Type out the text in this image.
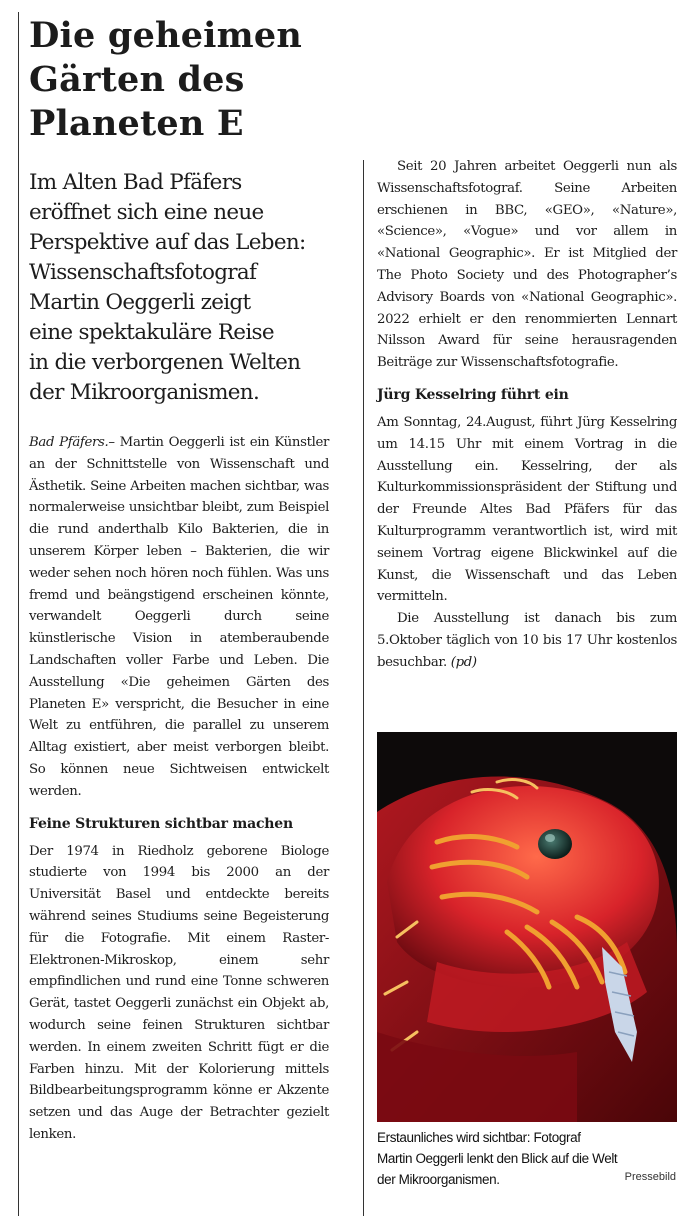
Die geheimen
Gärten des
Planeten E

Im Alten Bad Pfäfers
eröffnet sich eine neue
Perspektive auf das Leben:
Wissenschaftsfotograf
Martin Oeggerli zeigt
eine spektakuläre Reise
in die verborgenen Welten
der Mikroorganismen.

Bad Pfäfers.– Martin Oeggerli ist ein Künstler an der Schnittstelle von Wissenschaft und Ästhetik. Seine Arbeiten machen sichtbar, was normalerweise unsichtbar bleibt, zum Beispiel die rund anderthalb Kilo Bakterien, die in unserem Körper leben – Bakterien, die wir weder sehen noch hören noch fühlen. Was uns fremd und beängstigend erscheinen könnte, verwandelt Oeggerli durch seine künstlerische Vision in atemberaubende Landschaften voller Farbe und Leben. Die Ausstellung «Die geheimen Gärten des Planeten E» verspricht, die Besucher in eine Welt zu entführen, die parallel zu unserem Alltag existiert, aber meist verborgen bleibt. So können neue Sichtweisen entwickelt werden.

Feine Strukturen sichtbar machen

Der 1974 in Riedholz geborene Biologe studierte von 1994 bis 2000 an der Universität Basel und entdeckte bereits während seines Studiums seine Begeisterung für die Fotografie. Mit einem Raster-Elektronen-Mikroskop, einem sehr empfindlichen und rund eine Tonne schweren Gerät, tastet Oeggerli zunächst ein Objekt ab, wodurch seine feinen Strukturen sichtbar werden. In einem zweiten Schritt fügt er die Farben hinzu. Mit der Kolorierung mittels Bildbearbeitungsprogramm könne er Akzente setzen und das Auge der Betrachter gezielt lenken.

Seit 20 Jahren arbeitet Oeggerli nun als Wissenschaftsfotograf. Seine Arbeiten erschienen in BBC, «GEO», «Nature», «Science», «Vogue» und vor allem in «National Geographic». Er ist Mitglied der The Photo Society und des Photographer’s Advisory Boards von «National Geographic». 2022 erhielt er den renommierten Lennart Nilsson Award für seine herausragenden Beiträge zur Wissenschaftsfotografie.

Jürg Kesselring führt ein

Am Sonntag, 24.August, führt Jürg Kesselring um 14.15 Uhr mit einem Vortrag in die Ausstellung ein. Kesselring, der als Kulturkommissionspräsident der Stiftung und der Freunde Altes Bad Pfäfers für das Kulturprogramm verantwortlich ist, wird mit seinem Vortrag eigene Blickwinkel auf die Kunst, die Wissenschaft und das Leben vermitteln.

Die Ausstellung ist danach bis zum 5.Oktober täglich von 10 bis 17 Uhr kostenlos besuchbar. (pd)

Erstaunliches wird sichtbar: Fotograf
Martin Oeggerli lenkt den Blick auf die Welt
der Mikroorganismen.	Pressebild
